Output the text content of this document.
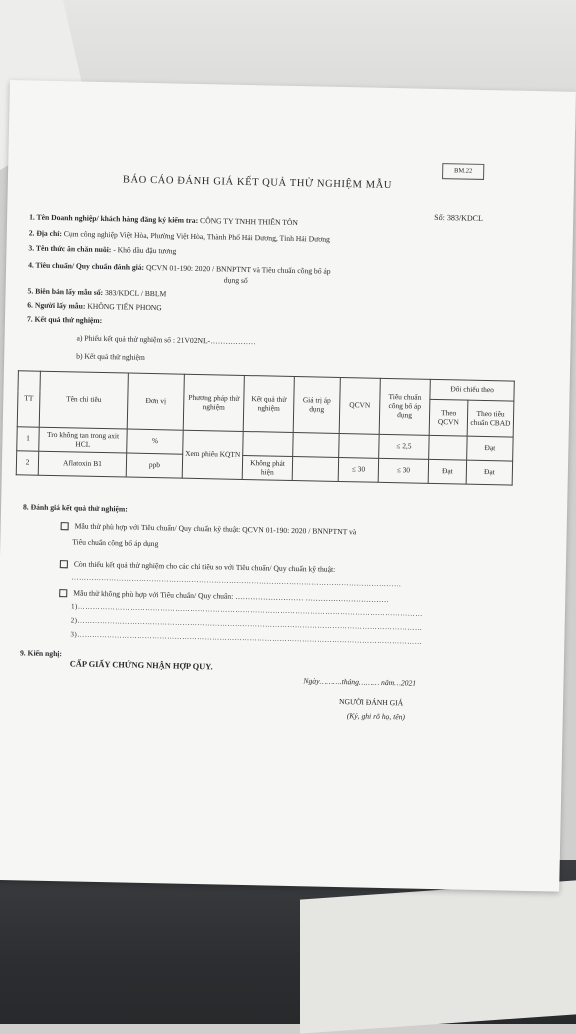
BM.22
BÁO CÁO ĐÁNH GIÁ KẾT QUẢ THỬ NGHIỆM MẪU
Số: 383/KDCL
1. Tên Doanh nghiệp/ khách hàng đăng ký kiểm tra: CÔNG TY TNHH THIÊN TÔN
2. Địa chỉ: Cụm công nghiệp Việt Hòa, Phường Việt Hòa, Thành Phố Hải Dương, Tỉnh Hải Dương
3. Tên thức ăn chăn nuôi: - Khô dầu đậu tương
4. Tiêu chuẩn/ Quy chuẩn đánh giá: QCVN 01-190: 2020 / BNNPTNT và Tiêu chuẩn công bố áp
dụng số
5. Biên bản lấy mẫu số: 383/KDCL / BBLM
6. Người lấy mẫu: KHÔNG TIẾN PHONG
7. Kết quả thử nghiệm:
a) Phiếu kết quả thử nghiệm số : 21V02NL-………………
b) Kết quả thử nghiệm
TT	Tên chỉ tiêu	Đơn vị	Phương pháp thử nghiệm	Kết quả thử nghiệm	Giá trị áp dụng	QCVN	Tiêu chuẩn công bố áp dụng	Đối chiếu theo	
								Theo QCVN	Theo tiêu chuẩn CBAD
1	Tro không tan trong axit HCL	%	Xem phiếu KQTN				≤ 2,5		Đạt
2	Aflatoxin B1	ppb		Không phát hiện		≤ 30	≤ 30	Đạt	Đạt
8. Đánh giá kết quả thử nghiệm:
Mẫu thử phù hợp với Tiêu chuẩn/ Quy chuẩn kỹ thuật: QCVN 01-190: 2020 / BNNPTNT và
Tiêu chuẩn công bố áp dụng
Còn thiếu kết quả thử nghiệm cho các chỉ tiêu so với Tiêu chuẩn/ Quy chuẩn kỹ thuật:
……………………………………………………………………………………………………………………
Mẫu thử không phù hợp với Tiêu chuẩn/ Quy chuẩn: ……………………… ……………………………
1)…………………………………………………………………………………………………………………………
2)…………………………………………………………………………………………………………………………
3)…………………………………………………………………………………………………………………………
9. Kiến nghị:
CẤP GIẤY CHỨNG NHẬN HỢP QUY.
Ngày……….tháng……… năm…2021
NGƯỜI ĐÁNH GIÁ
(Ký, ghi rõ họ, tên)
